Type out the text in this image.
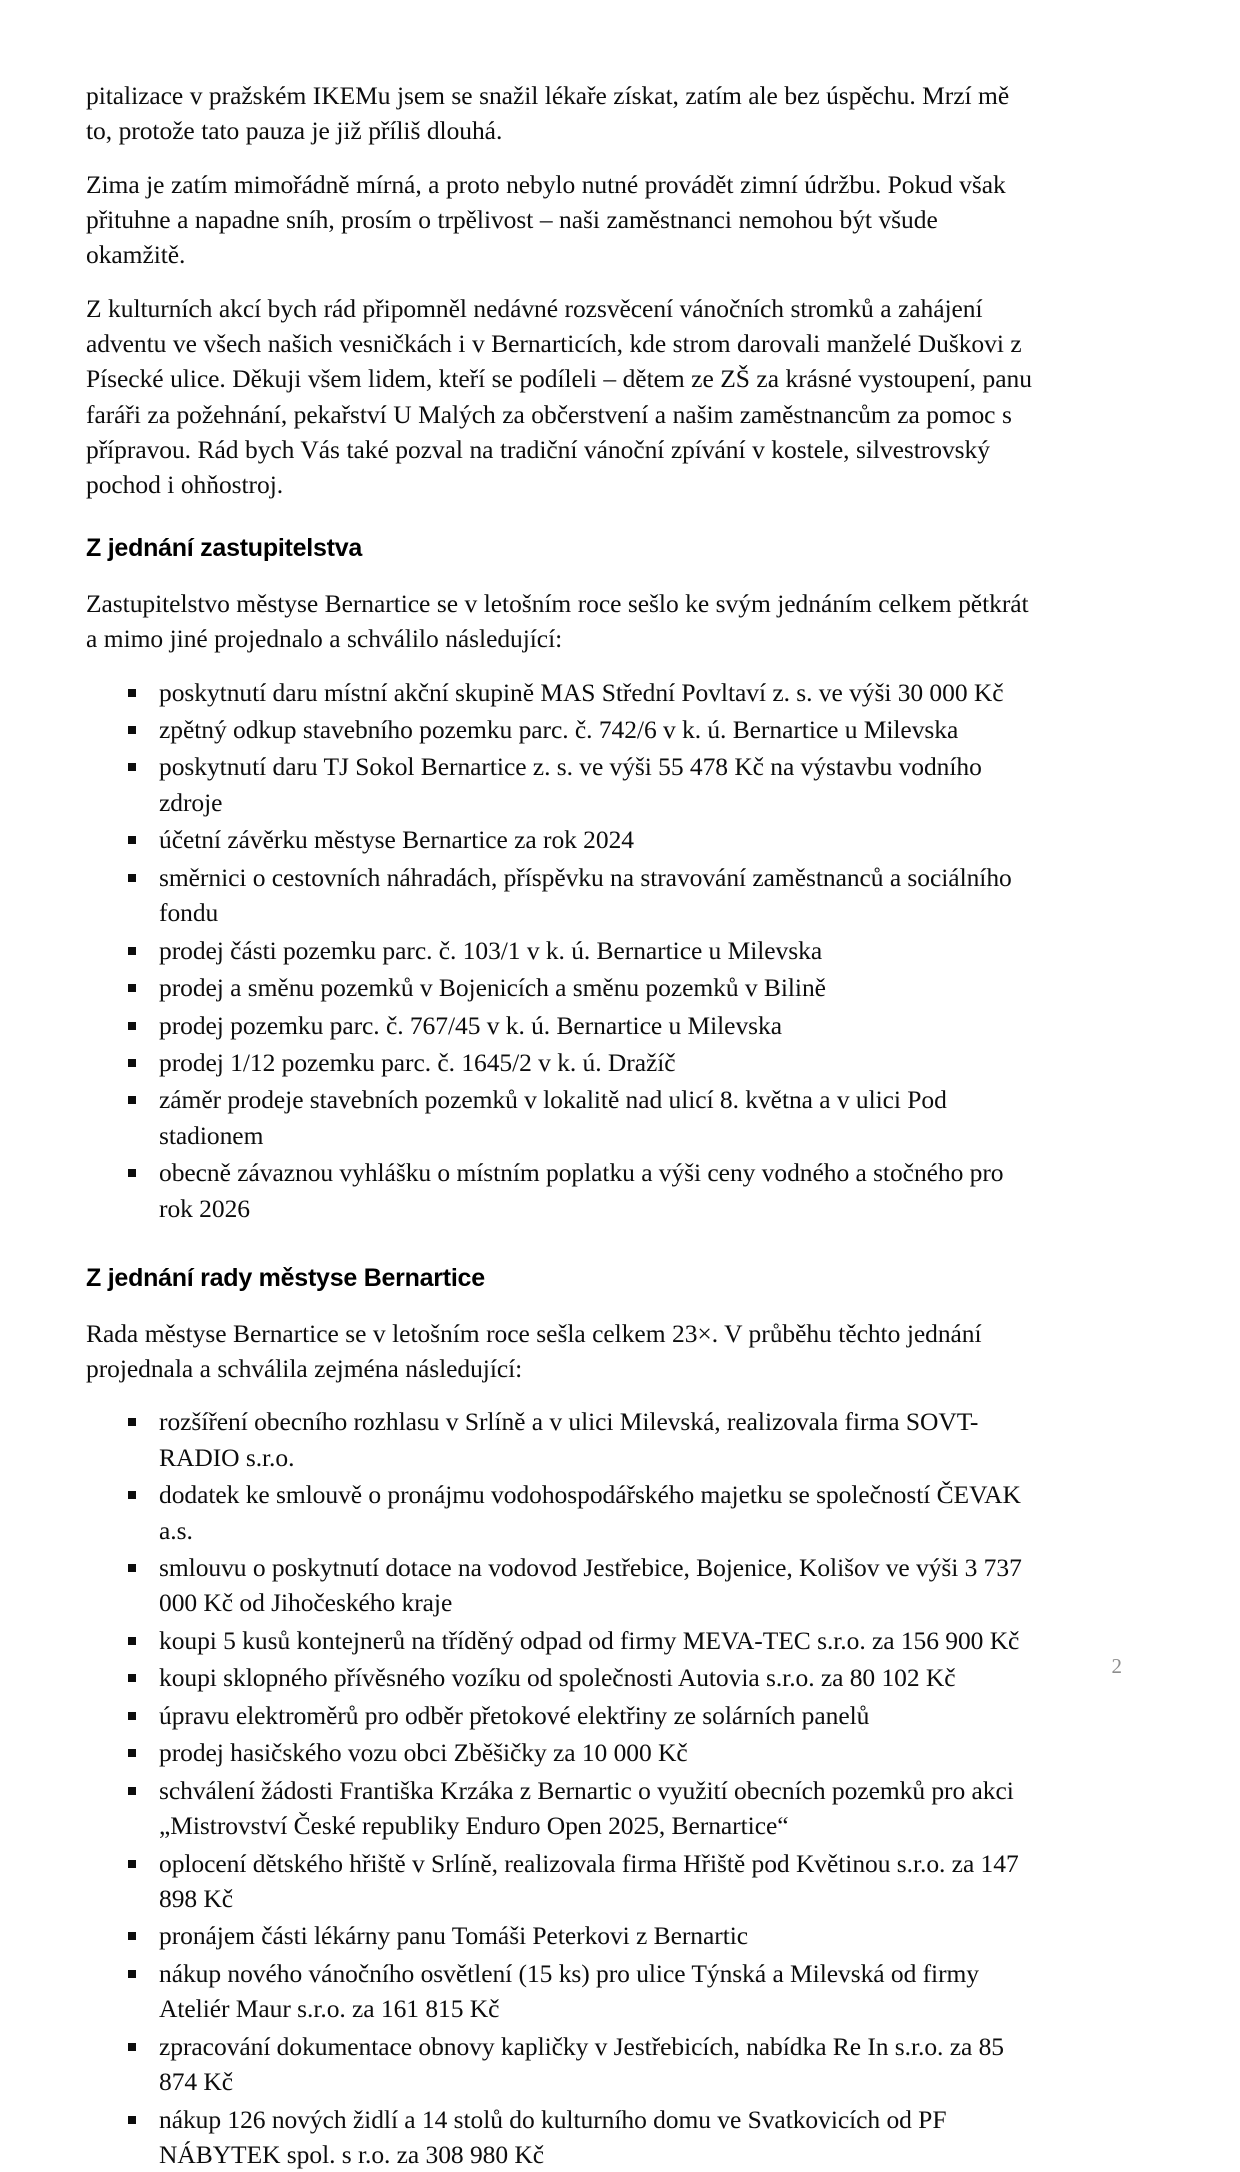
pitalizace v pražském IKEMu jsem se snažil lékaře získat, zatím ale bez úspěchu. Mrzí mě to, protože tato pauza je již příliš dlouhá.

Zima je zatím mimořádně mírná, a proto nebylo nutné provádět zimní údržbu. Pokud však přituhne a napadne sníh, prosím o trpělivost – naši zaměstnanci nemohou být všude okamžitě.

Z kulturních akcí bych rád připomněl nedávné rozsvěcení vánočních stromků a zahájení adventu ve všech našich vesničkách i v Bernarticích, kde strom darovali manželé Duškovi z Písecké ulice. Děkuji všem lidem, kteří se podíleli – dětem ze ZŠ za krásné vystoupení, panu faráři za požehnání, pekařství U Malých za občerstvení a našim zaměstnancům za pomoc s přípravou. Rád bych Vás také pozval na tradiční vánoční zpívání v kostele, silvestrovský pochod i ohňostroj.

Z jednání zastupitelstva

Zastupitelstvo městyse Bernartice se v letošním roce sešlo ke svým jednáním celkem pětkrát a mimo jiné projednalo a schválilo následující:

poskytnutí daru místní akční skupině MAS Střední Povltaví z. s. ve výši 30 000 Kč
zpětný odkup stavebního pozemku parc. č. 742/6 v k. ú. Bernartice u Milevska
poskytnutí daru TJ Sokol Bernartice z. s. ve výši 55 478 Kč na výstavbu vodního zdroje
účetní závěrku městyse Bernartice za rok 2024
směrnici o cestovních náhradách, příspěvku na stravování zaměstnanců a sociálního fondu
prodej části pozemku parc. č. 103/1 v k. ú. Bernartice u Milevska
prodej a směnu pozemků v Bojenicích a směnu pozemků v Bilině
prodej pozemku parc. č. 767/45 v k. ú. Bernartice u Milevska
prodej 1/12 pozemku parc. č. 1645/2 v k. ú. Dražíč
záměr prodeje stavebních pozemků v lokalitě nad ulicí 8. května a v ulici Pod stadionem
obecně závaznou vyhlášku o místním poplatku a výši ceny vodného a stočného pro rok 2026
Z jednání rady městyse Bernartice

Rada městyse Bernartice se v letošním roce sešla celkem 23×. V průběhu těchto jednání projednala a schválila zejména následující:

rozšíření obecního rozhlasu v Srlíně a v ulici Milevská, realizovala firma SOVT-RADIO s.r.o.
dodatek ke smlouvě o pronájmu vodohospodářského majetku se společností ČEVAK a.s.
smlouvu o poskytnutí dotace na vodovod Jestřebice, Bojenice, Kolišov ve výši 3 737 000 Kč od Jihočeského kraje
koupi 5 kusů kontejnerů na tříděný odpad od firmy MEVA-TEC s.r.o. za 156 900 Kč
koupi sklopného přívěsného vozíku od společnosti Autovia s.r.o. za 80 102 Kč
úpravu elektroměrů pro odběr přetokové elektřiny ze solárních panelů
prodej hasičského vozu obci Zběšičky za 10 000 Kč
schválení žádosti Františka Krzáka z Bernartic o využití obecních pozemků pro akci „Mistrovství České republiky Enduro Open 2025, Bernartice“
oplocení dětského hřiště v Srlíně, realizovala firma Hřiště pod Květinou s.r.o. za 147 898 Kč
pronájem části lékárny panu Tomáši Peterkovi z Bernartic
nákup nového vánočního osvětlení (15 ks) pro ulice Týnská a Milevská od firmy Ateliér Maur s.r.o. za 161 815 Kč
zpracování dokumentace obnovy kapličky v Jestřebicích, nabídka Re In s.r.o. za 85 874 Kč
nákup 126 nových židlí a 14 stolů do kulturního domu ve Svatkovicích od PF NÁBYTEK spol. s r.o. za 308 980 Kč
2
